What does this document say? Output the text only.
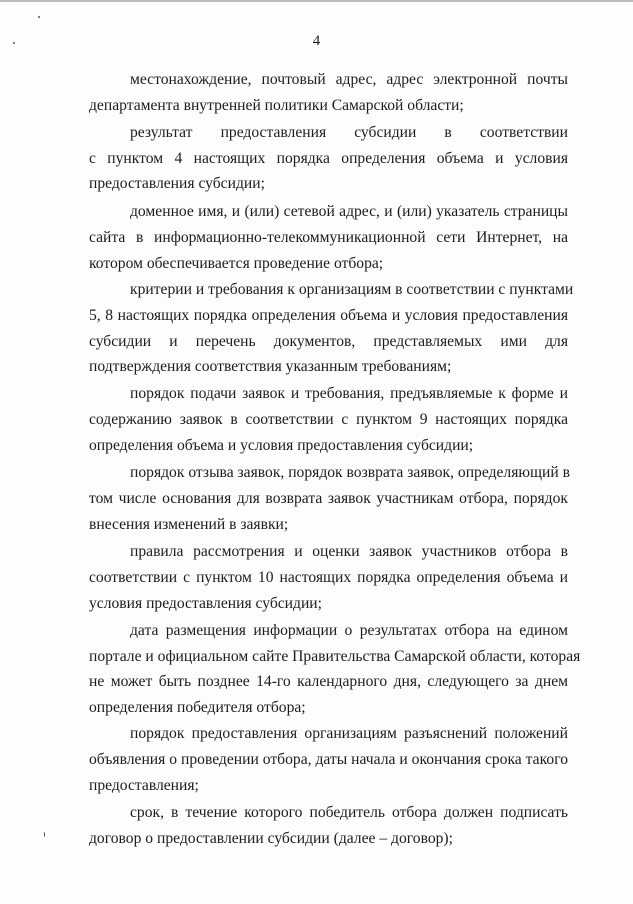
4
местонахождение, почтовый адрес, адрес электронной почты
департамента внутренней политики Самарской области;
результат предоставления субсидии в соответствии
с пунктом 4 настоящих порядка определения объема и условия
предоставления субсидии;
доменное имя, и (или) сетевой адрес, и (или) указатель страницы
сайта в информационно-телекоммуникационной сети Интернет, на
котором обеспечивается проведение отбора;
критерии и требования к организациям в соответствии с пунктами
5, 8 настоящих порядка определения объема и условия предоставления
субсидии и перечень документов, представляемых ими для
подтверждения соответствия указанным требованиям;
порядок подачи заявок и требования, предъявляемые к форме и
содержанию заявок в соответствии с пунктом 9 настоящих порядка
определения объема и условия предоставления субсидии;
порядок отзыва заявок, порядок возврата заявок, определяющий в
том числе основания для возврата заявок участникам отбора, порядок
внесения изменений в заявки;
правила рассмотрения и оценки заявок участников отбора в
соответствии с пунктом 10 настоящих порядка определения объема и
условия предоставления субсидии;
дата размещения информации о результатах отбора на едином
портале и официальном сайте Правительства Самарской области, которая
не может быть позднее 14-го календарного дня, следующего за днем
определения победителя отбора;
порядок предоставления организациям разъяснений положений
объявления о проведении отбора, даты начала и окончания срока такого
предоставления;
срок, в течение которого победитель отбора должен подписать
договор о предоставлении субсидии (далее – договор);
